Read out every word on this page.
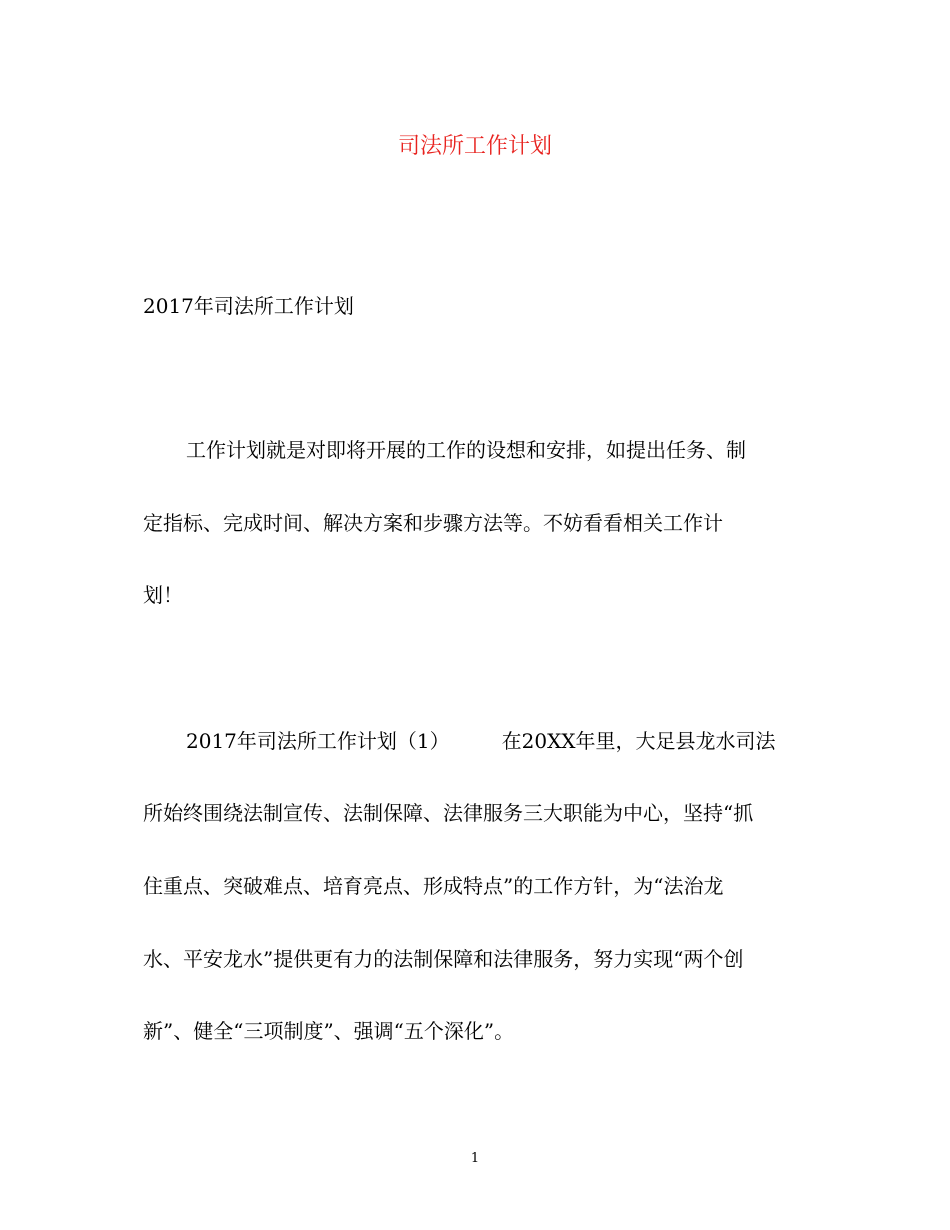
司法所工作计划
2017年司法所工作计划
工作计划就是对即将开展的工作的设想和安排，如提出任务、制
定指标、完成时间、解决方案和步骤方法等。不妨看看相关工作计
划！
2017年司法所工作计划（1）	在20XX年里，大足县龙水司法
所始终围绕法制宣传、法制保障、法律服务三大职能为中心，坚持“抓
住重点、突破难点、培育亮点、形成特点”的工作方针，为“法治龙
水、平安龙水”提供更有力的法制保障和法律服务，努力实现“两个创
新”、健全“三项制度”、强调“五个深化”。
1
